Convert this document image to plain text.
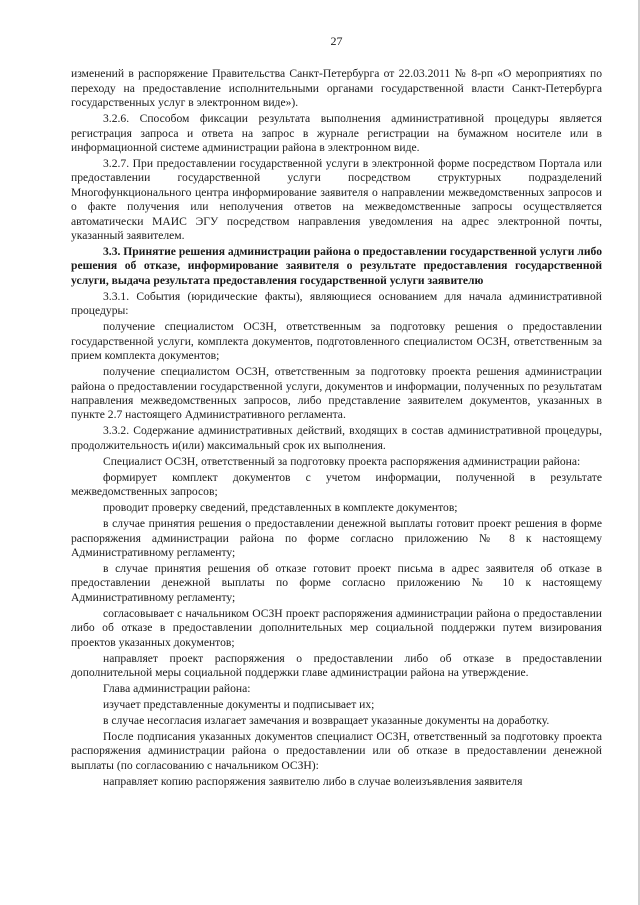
27

изменений в распоряжение Правительства Санкт-Петербурга от 22.03.2011 № 8-рп «О мероприятиях по переходу на предоставление исполнительными органами государственной власти Санкт-Петербурга государственных услуг в электронном виде»).

3.2.6. Способом фиксации результата выполнения административной процедуры является регистрация запроса и ответа на запрос в журнале регистрации на бумажном носителе или в информационной системе администрации района в электронном виде.

3.2.7. При предоставлении государственной услуги в электронной форме посредством Портала или предоставлении государственной услуги посредством структурных подразделений Многофункционального центра информирование заявителя о направлении межведомственных запросов и о факте получения или неполучения ответов на межведомственные запросы осуществляется автоматически МАИС ЭГУ посредством направления уведомления на адрес электронной почты, указанный заявителем.

3.3. Принятие решения администрации района о предоставлении государственной услуги либо решения об отказе, информирование заявителя о результате предоставления государственной услуги, выдача результата предоставления государственной услуги заявителю

3.3.1. События (юридические факты), являющиеся основанием для начала административной процедуры:

получение специалистом ОСЗН, ответственным за подготовку решения о предоставлении государственной услуги, комплекта документов, подготовленного специалистом ОСЗН, ответственным за прием комплекта документов;

получение специалистом ОСЗН, ответственным за подготовку проекта решения администрации района о предоставлении государственной услуги, документов и информации, полученных по результатам направления межведомственных запросов, либо представление заявителем документов, указанных в пункте 2.7 настоящего Административного регламента.

3.3.2. Содержание административных действий, входящих в состав административной процедуры, продолжительность и(или) максимальный срок их выполнения.

Специалист ОСЗН, ответственный за подготовку проекта распоряжения администрации района:

формирует комплект документов с учетом информации, полученной в результате межведомственных запросов;

проводит проверку сведений, представленных в комплекте документов;

в случае принятия решения о предоставлении денежной выплаты готовит проект решения в форме распоряжения администрации района по форме согласно приложению № 8 к настоящему Административному регламенту;

в случае принятия решения об отказе готовит проект письма в адрес заявителя об отказе в предоставлении денежной выплаты по форме согласно приложению № 10 к настоящему Административному регламенту;

согласовывает с начальником ОСЗН проект распоряжения администрации района о предоставлении либо об отказе в предоставлении дополнительных мер социальной поддержки путем визирования проектов указанных документов;

направляет проект распоряжения о предоставлении либо об отказе в предоставлении дополнительной меры социальной поддержки главе администрации района на утверждение.

Глава администрации района:

изучает представленные документы и подписывает их;

в случае несогласия излагает замечания и возвращает указанные документы на доработку.

После подписания указанных документов специалист ОСЗН, ответственный за подготовку проекта распоряжения администрации района о предоставлении или об отказе в предоставлении денежной выплаты (по согласованию с начальником ОСЗН):

направляет копию распоряжения заявителю либо в случае волеизъявления заявителя
